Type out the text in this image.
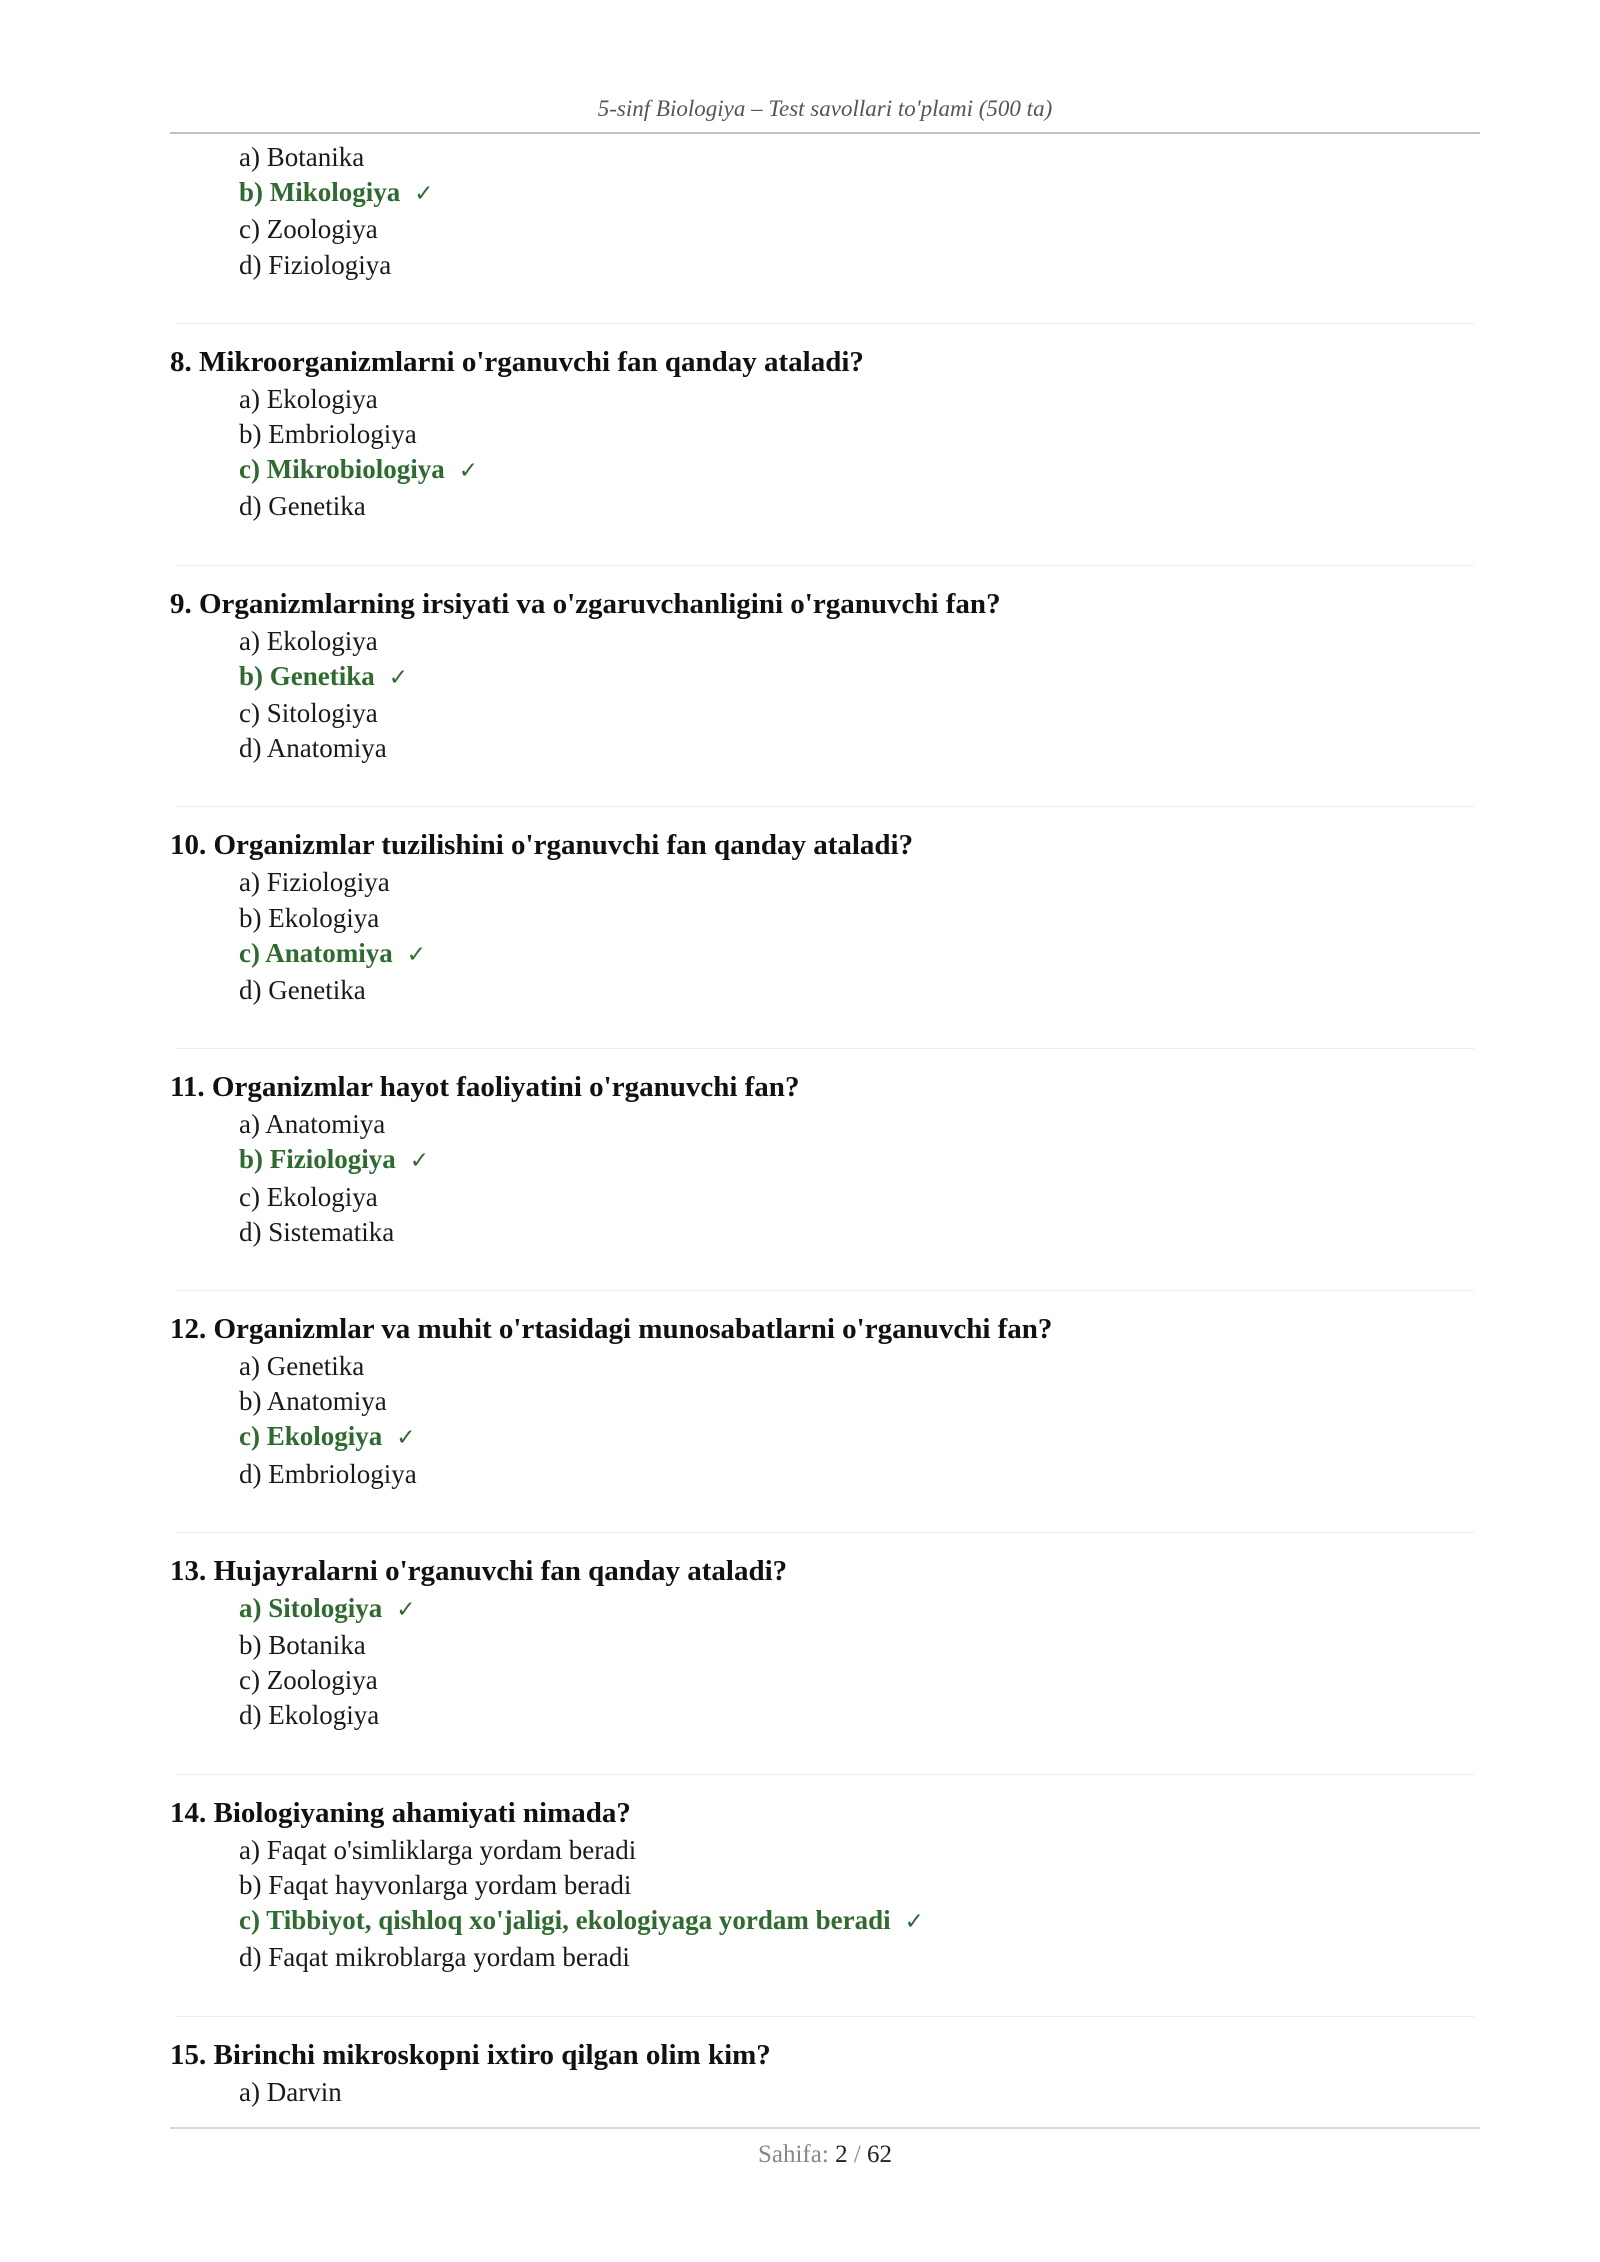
5-sinf Biologiya – Test savollari to'plami (500 ta)
a) Botanika
b) Mikologiya ✓
c) Zoologiya
d) Fiziologiya

8. Mikroorganizmlarni o'rganuvchi fan qanday ataladi?

a) Ekologiya
b) Embriologiya
c) Mikrobiologiya ✓
d) Genetika

9. Organizmlarning irsiyati va o'zgaruvchanligini o'rganuvchi fan?

a) Ekologiya
b) Genetika ✓
c) Sitologiya
d) Anatomiya

10. Organizmlar tuzilishini o'rganuvchi fan qanday ataladi?

a) Fiziologiya
b) Ekologiya
c) Anatomiya ✓
d) Genetika

11. Organizmlar hayot faoliyatini o'rganuvchi fan?

a) Anatomiya
b) Fiziologiya ✓
c) Ekologiya
d) Sistematika

12. Organizmlar va muhit o'rtasidagi munosabatlarni o'rganuvchi fan?

a) Genetika
b) Anatomiya
c) Ekologiya ✓
d) Embriologiya

13. Hujayralarni o'rganuvchi fan qanday ataladi?

a) Sitologiya ✓
b) Botanika
c) Zoologiya
d) Ekologiya

14. Biologiyaning ahamiyati nimada?

a) Faqat o'simliklarga yordam beradi
b) Faqat hayvonlarga yordam beradi
c) Tibbiyot, qishloq xo'jaligi, ekologiyaga yordam beradi ✓
d) Faqat mikroblarga yordam beradi

15. Birinchi mikroskopni ixtiro qilgan olim kim?

a) Darvin
Sahifa: 2 / 62
